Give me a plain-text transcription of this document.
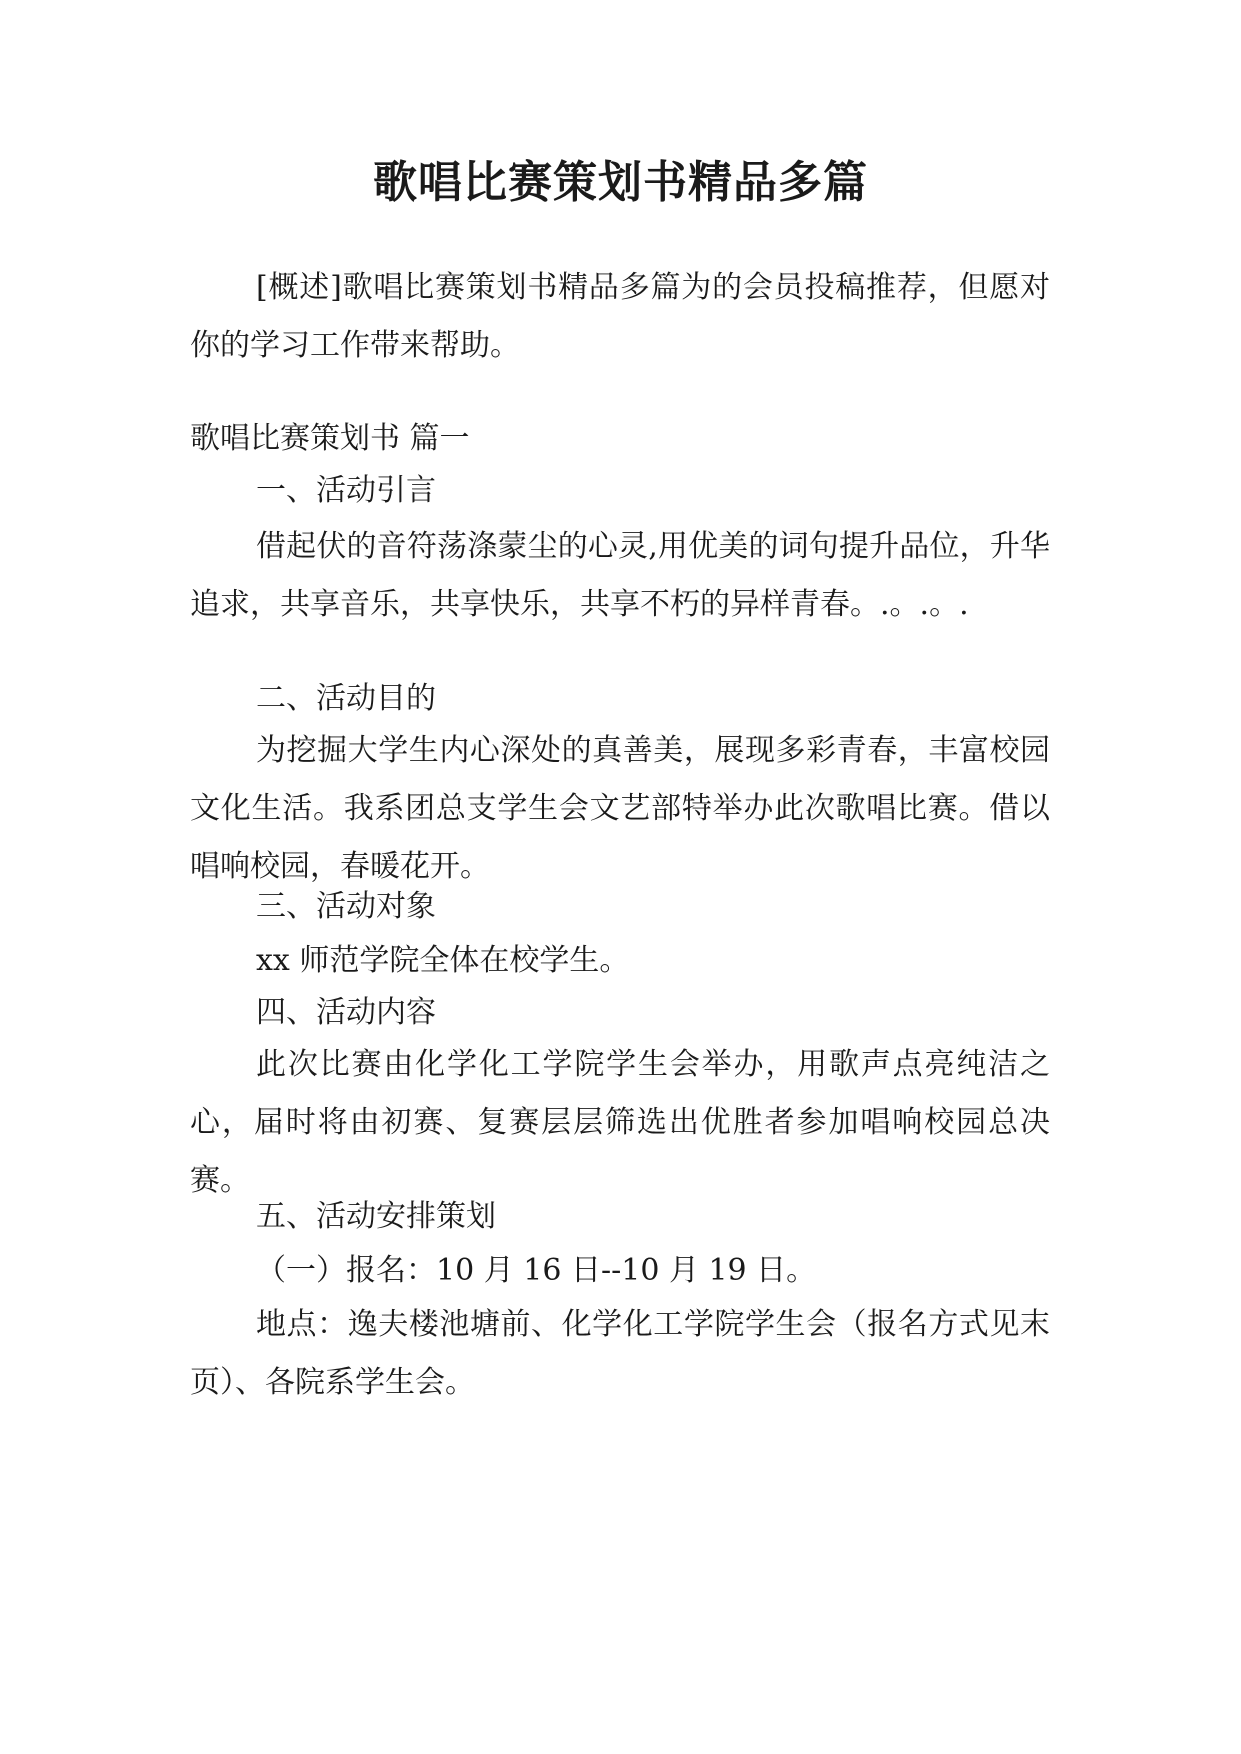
歌唱比赛策划书精品多篇

[概述]歌唱比赛策划书精品多篇为的会员投稿推荐，但愿对你的学习工作带来帮助。

歌唱比赛策划书 篇一

一、活动引言

借起伏的音符荡涤蒙尘的心灵,用优美的词句提升品位，升华追求，共享音乐，共享快乐，共享不朽的异样青春。.。.。.

二、活动目的

为挖掘大学生内心深处的真善美，展现多彩青春，丰富校园文化生活。我系团总支学生会文艺部特举办此次歌唱比赛。借以唱响校园，春暖花开。

三、活动对象

xx 师范学院全体在校学生。

四、活动内容

此次比赛由化学化工学院学生会举办，用歌声点亮纯洁之心，届时将由初赛、复赛层层筛选出优胜者参加唱响校园总决赛。

五、活动安排策划

（一）报名：10 月 16 日--10 月 19 日。

地点：逸夫楼池塘前、化学化工学院学生会（报名方式见末页）、各院系学生会。
